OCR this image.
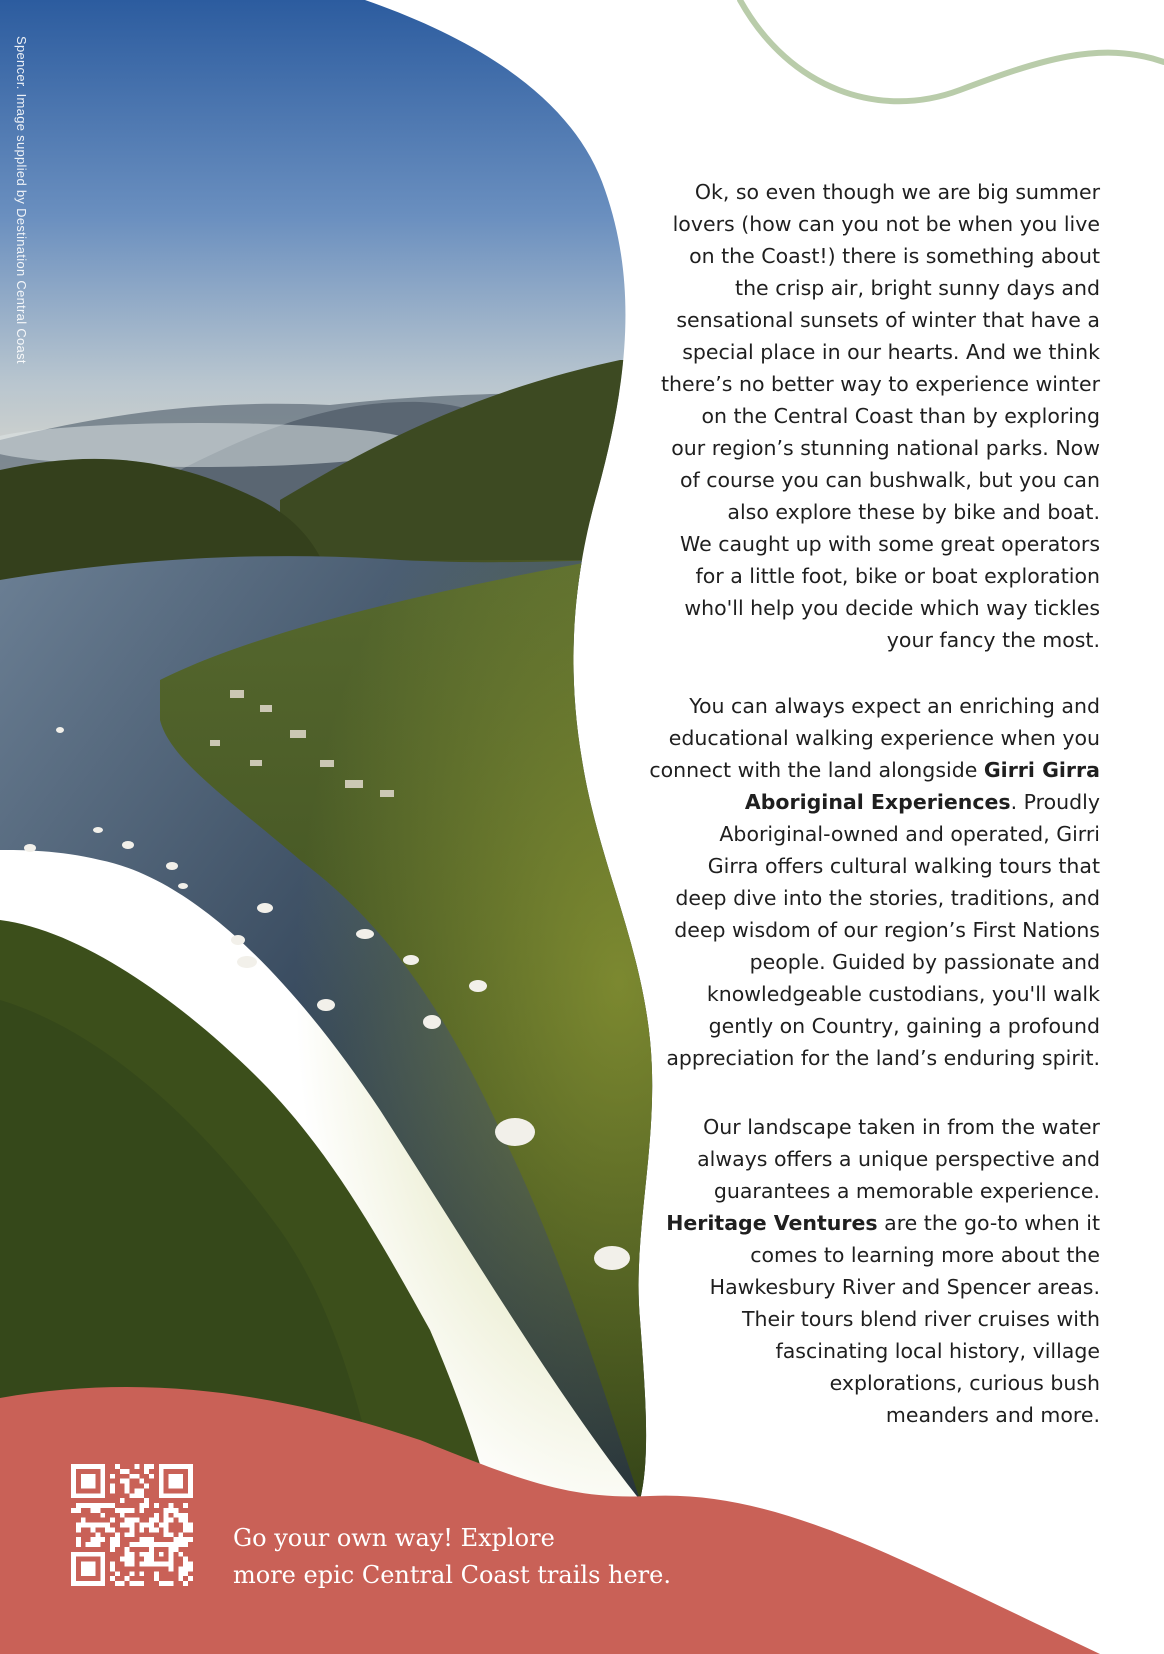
Spencer. Image supplied by Destination Central Coast	Ok, so even though we are big summer
lovers (how can you not be when you live
on the Coast!) there is something about
the crisp air, bright sunny days and
sensational sunsets of winter that have a
special place in our hearts. And we think
there’s no better way to experience winter
on the Central Coast than by exploring
our region’s stunning national parks. Now
of course you can bushwalk, but you can
also explore these by bike and boat.
We caught up with some great operators
for a little foot, bike or boat exploration
who'll help you decide which way tickles
your fancy the most.
You can always expect an enriching and
educational walking experience when you
connect with the land alongside Girri Girra
Aboriginal Experiences. Proudly
Aboriginal-owned and operated, Girri
Girra offers cultural walking tours that
deep dive into the stories, traditions, and
deep wisdom of our region’s First Nations
people. Guided by passionate and
knowledgeable custodians, you'll walk
gently on Country, gaining a profound
appreciation for the land’s enduring spirit.
Our landscape taken in from the water
always offers a unique perspective and
guarantees a memorable experience.
Heritage Ventures are the go-to when it
comes to learning more about the
Hawkesbury River and Spencer areas.
Their tours blend river cruises with
fascinating local history, village
explorations, curious bush
meanders and more.
Go your own way! Explore
more epic Central Coast trails here.
